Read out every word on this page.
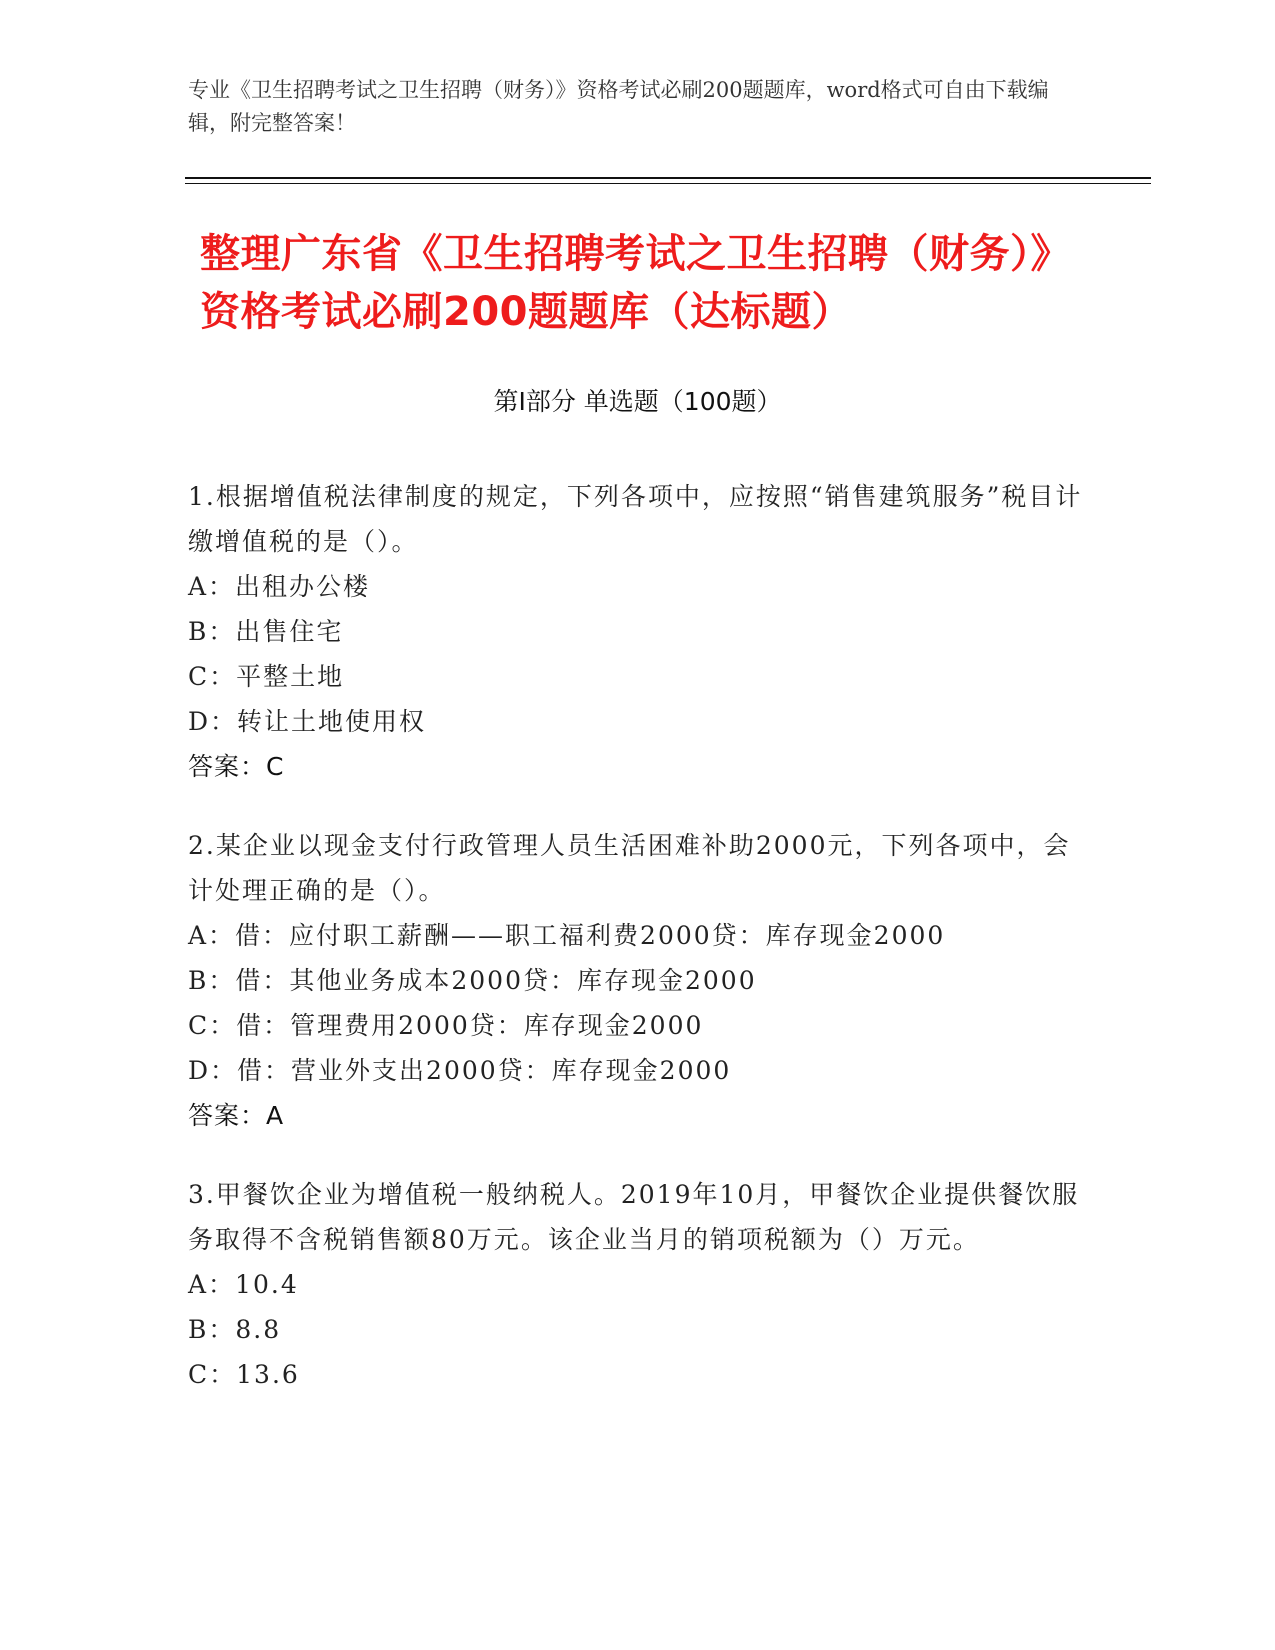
专业《卫生招聘考试之卫生招聘（财务）》资格考试必刷200题题库，word格式可自由下载编辑，附完整答案！
整理广东省《卫生招聘考试之卫生招聘（财务）》资格考试必刷200题题库（达标题）
第Ⅰ部分 单选题（100题）
1.根据增值税法律制度的规定，下列各项中，应按照“销售建筑服务”税目计缴增值税的是（）。
A：出租办公楼
B：出售住宅
C：平整土地
D：转让土地使用权
答案：C
2.某企业以现金支付行政管理人员生活困难补助2000元，下列各项中，会计处理正确的是（）。
A：借：应付职工薪酬——职工福利费2000贷：库存现金2000
B：借：其他业务成本2000贷：库存现金2000
C：借：管理费用2000贷：库存现金2000
D：借：营业外支出2000贷：库存现金2000
答案：A
3.甲餐饮企业为增值税一般纳税人。2019年10月，甲餐饮企业提供餐饮服务取得不含税销售额80万元。该企业当月的销项税额为（）万元。
A：10.4
B：8.8
C：13.6
